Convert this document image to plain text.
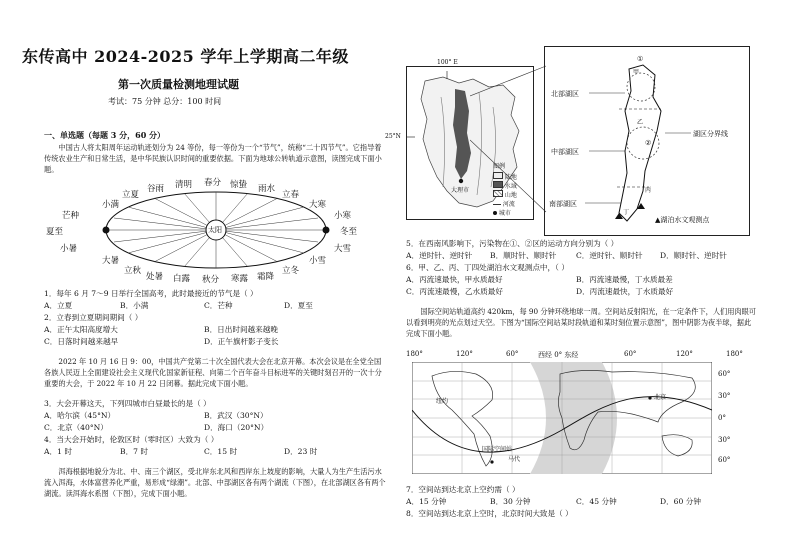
东传高中 2024-2025 学年上学期高二年级
第一次质量检测地理试题
考试：75 分钟 总分：100 时间
一、单选题（每题 3 分，60 分）
中国古人将太阳周年运动轨迹划分为 24 等份，每一等份为一个“节气”，统称“二十四节气”。它指导着传统农业生产和日常生活，是中华民族认识时间的重要依据。下面为地球公转轨道示意图，读图完成下面小题。
太阳
小满
立夏
谷雨 清明 春分 惊蛰 雨水
立春
大寒
芒种
夏至
小暑
小寒
冬至
大雪
大暑
立秋
处暑 白露 秋分 寒露 霜降
立冬
小雪
1．每年 6 月 7～9 日举行全国高考，此时最接近的节气是（ ）
A．立夏	B．小满	C．芒种	D．夏至
2．立春到立夏期间期间（ ）
A．正午太阳高度增大	B．日出时间越来越晚
C．日落时间越来越早	D．正午旗杆影子变长
2022 年 10 月 16 日 9：00，中国共产党第二十次全国代表大会在北京开幕。本次会议是在全党全国各族人民迈上全面建设社会主义现代化国家新征程、向第二个百年奋斗目标进军的关键时刻召开的一次十分重要的大会，于 2022 年 10 月 22 日闭幕。据此完成下面小题。
3．大会开幕这天，下列四城市白昼最长的是（ ）
A．哈尔滨（45°N）	B．武汉（30°N）
C．北京（40°N）	D．海口（20°N）
4．当大会开始时，伦敦区时（零时区）大致为（ ）
A．1 时	B．7 时	C．15 时	D．23 时
洱海根据地貌分为北、中、南三个湖区，受北岸东北风和西岸东上坡度的影响，大量人为生产生活污水流入洱海，水体富营养化严重，易形成“绿潮”。北部、中部湖区各有两个湖流（下图），在北部湖区各有两个湖流。读洱海水系图（下图），完成下面小题。
100° E
25°N
大理市
图例
陆地
水域
山地
河流
城市
①
②
北部湖区
中部湖区
南部湖区
湖区分界线
甲
乙
丙
丁
▲湖泊水文观测点
5．在西南风影响下，污染物在①、②区的运动方向分别为（ ）
A．逆时针、逆时针 B．顺时针、顺时针	C．逆时针、顺时针 D．顺时针、逆时针
6．甲、乙、丙、丁四处湖泊水文观测点中，（ ）
A．丙流速最快，甲水质最好	B．丙流速最慢，丁水质最差
C．丙流速最慢，乙水质最好	D．丙流速最快，丁水质最好
国际空间站轨道高约 420km，每 90 分钟环绕地球一周。空间站反射阳光，在一定条件下，人们用肉眼可以看到明亮的光点划过天空。下图为“国际空间站某时段轨道和某时刻位置示意图”，图中阴影为夜半球，据此完成下面小题。
180°	120°	60°	西经 0° 东经	60°	120°	180°
60°
30°
0°
30°
60°
北京
国际空间站
纽约
马代
7．空间站到达北京上空约需（ ）
A．15 分钟	B．30 分钟	C．45 分钟	D．60 分钟
8．空间站到达北京上空时，北京时间大致是（ ）
